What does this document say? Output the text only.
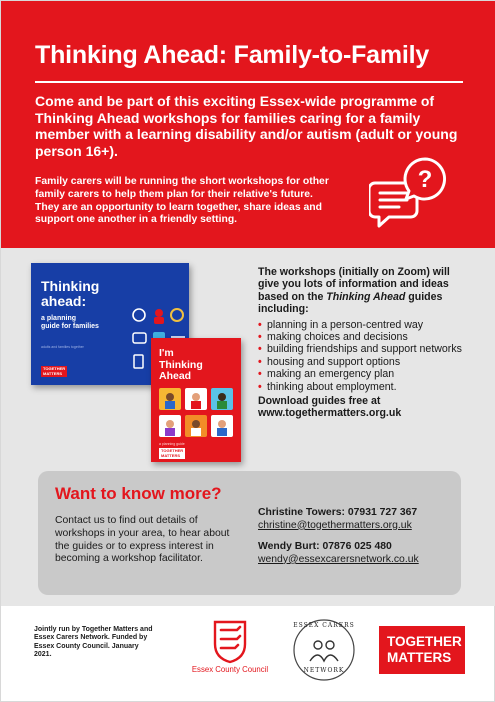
Thinking Ahead: Family-to-Family

Come and be part of this exciting Essex-wide programme of Thinking Ahead workshops for families caring for a family member with a learning disability and/or autism (adult or young person 16+).

Family carers will be running the short workshops for other family carers to help them plan for their relative's future. They are an opportunity to learn together, share ideas and support one another in a friendly setting.

?
Thinking
ahead:
a planning
guide for families
adults and families together
TOGETHER
MATTERS
I'm
Thinking
Ahead
a planning guide
TOGETHER
MATTERS

The workshops (initially on Zoom) will give you lots of information and ideas based on the Thinking Ahead guides including:

• planning in a person-centred way
• making choices and decisions
• building friendships and support networks
• housing and support options
• making an emergency plan
• thinking about employment.

Download guides free at www.togethermatters.org.uk

Want to know more?

Contact us to find out details of workshops in your area, to hear about the guides or to express interest in becoming a workshop facilitator.

Christine Towers: 07931 727 367
christine@togethermatters.org.uk
Wendy Burt: 07876 025 480
wendy@essexcarersnetwork.co.uk

Jointly run by Together Matters and Essex Carers Network. Funded by Essex County Council. January 2021.

Essex County Council
ESSEX CARERS
NETWORK
TOGETHER
MATTERS
